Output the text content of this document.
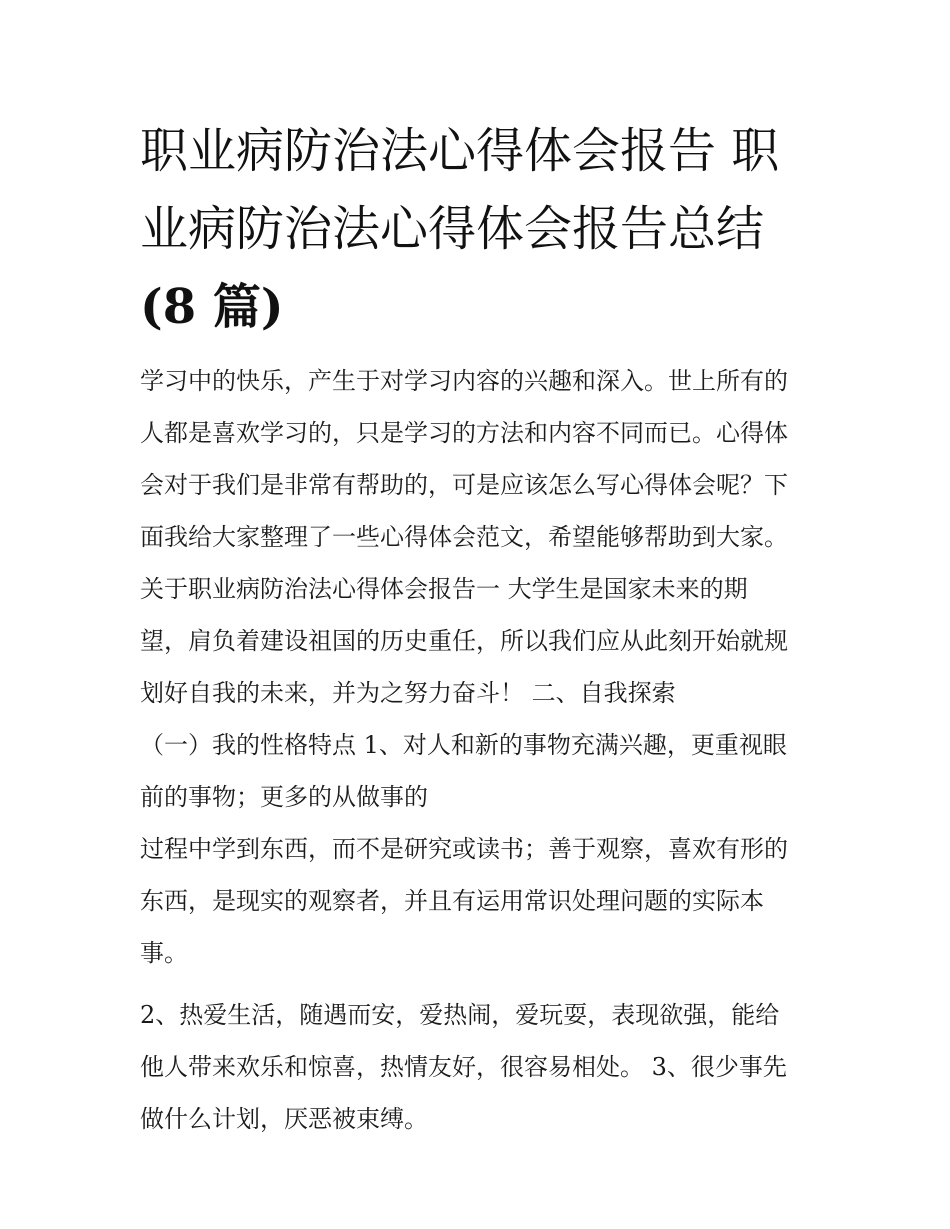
职业病防治法心得体会报告 职
业病防治法心得体会报告总结
(8 篇)
学习中的快乐，产生于对学习内容的兴趣和深入。世上所有的
人都是喜欢学习的，只是学习的方法和内容不同而已。心得体
会对于我们是非常有帮助的，可是应该怎么写心得体会呢？下
面我给大家整理了一些心得体会范文，希望能够帮助到大家。
关于职业病防治法心得体会报告一 大学生是国家未来的期
望，肩负着建设祖国的历史重任，所以我们应从此刻开始就规
划好自我的未来，并为之努力奋斗！ 二、自我探索
（一）我的性格特点 1、对人和新的事物充满兴趣，更重视眼
前的事物；更多的从做事的
过程中学到东西，而不是研究或读书；善于观察，喜欢有形的
东西，是现实的观察者，并且有运用常识处理问题的实际本
事。
2、热爱生活，随遇而安，爱热闹，爱玩耍，表现欲强，能给
他人带来欢乐和惊喜，热情友好，很容易相处。 3、很少事先
做什么计划，厌恶被束缚。
